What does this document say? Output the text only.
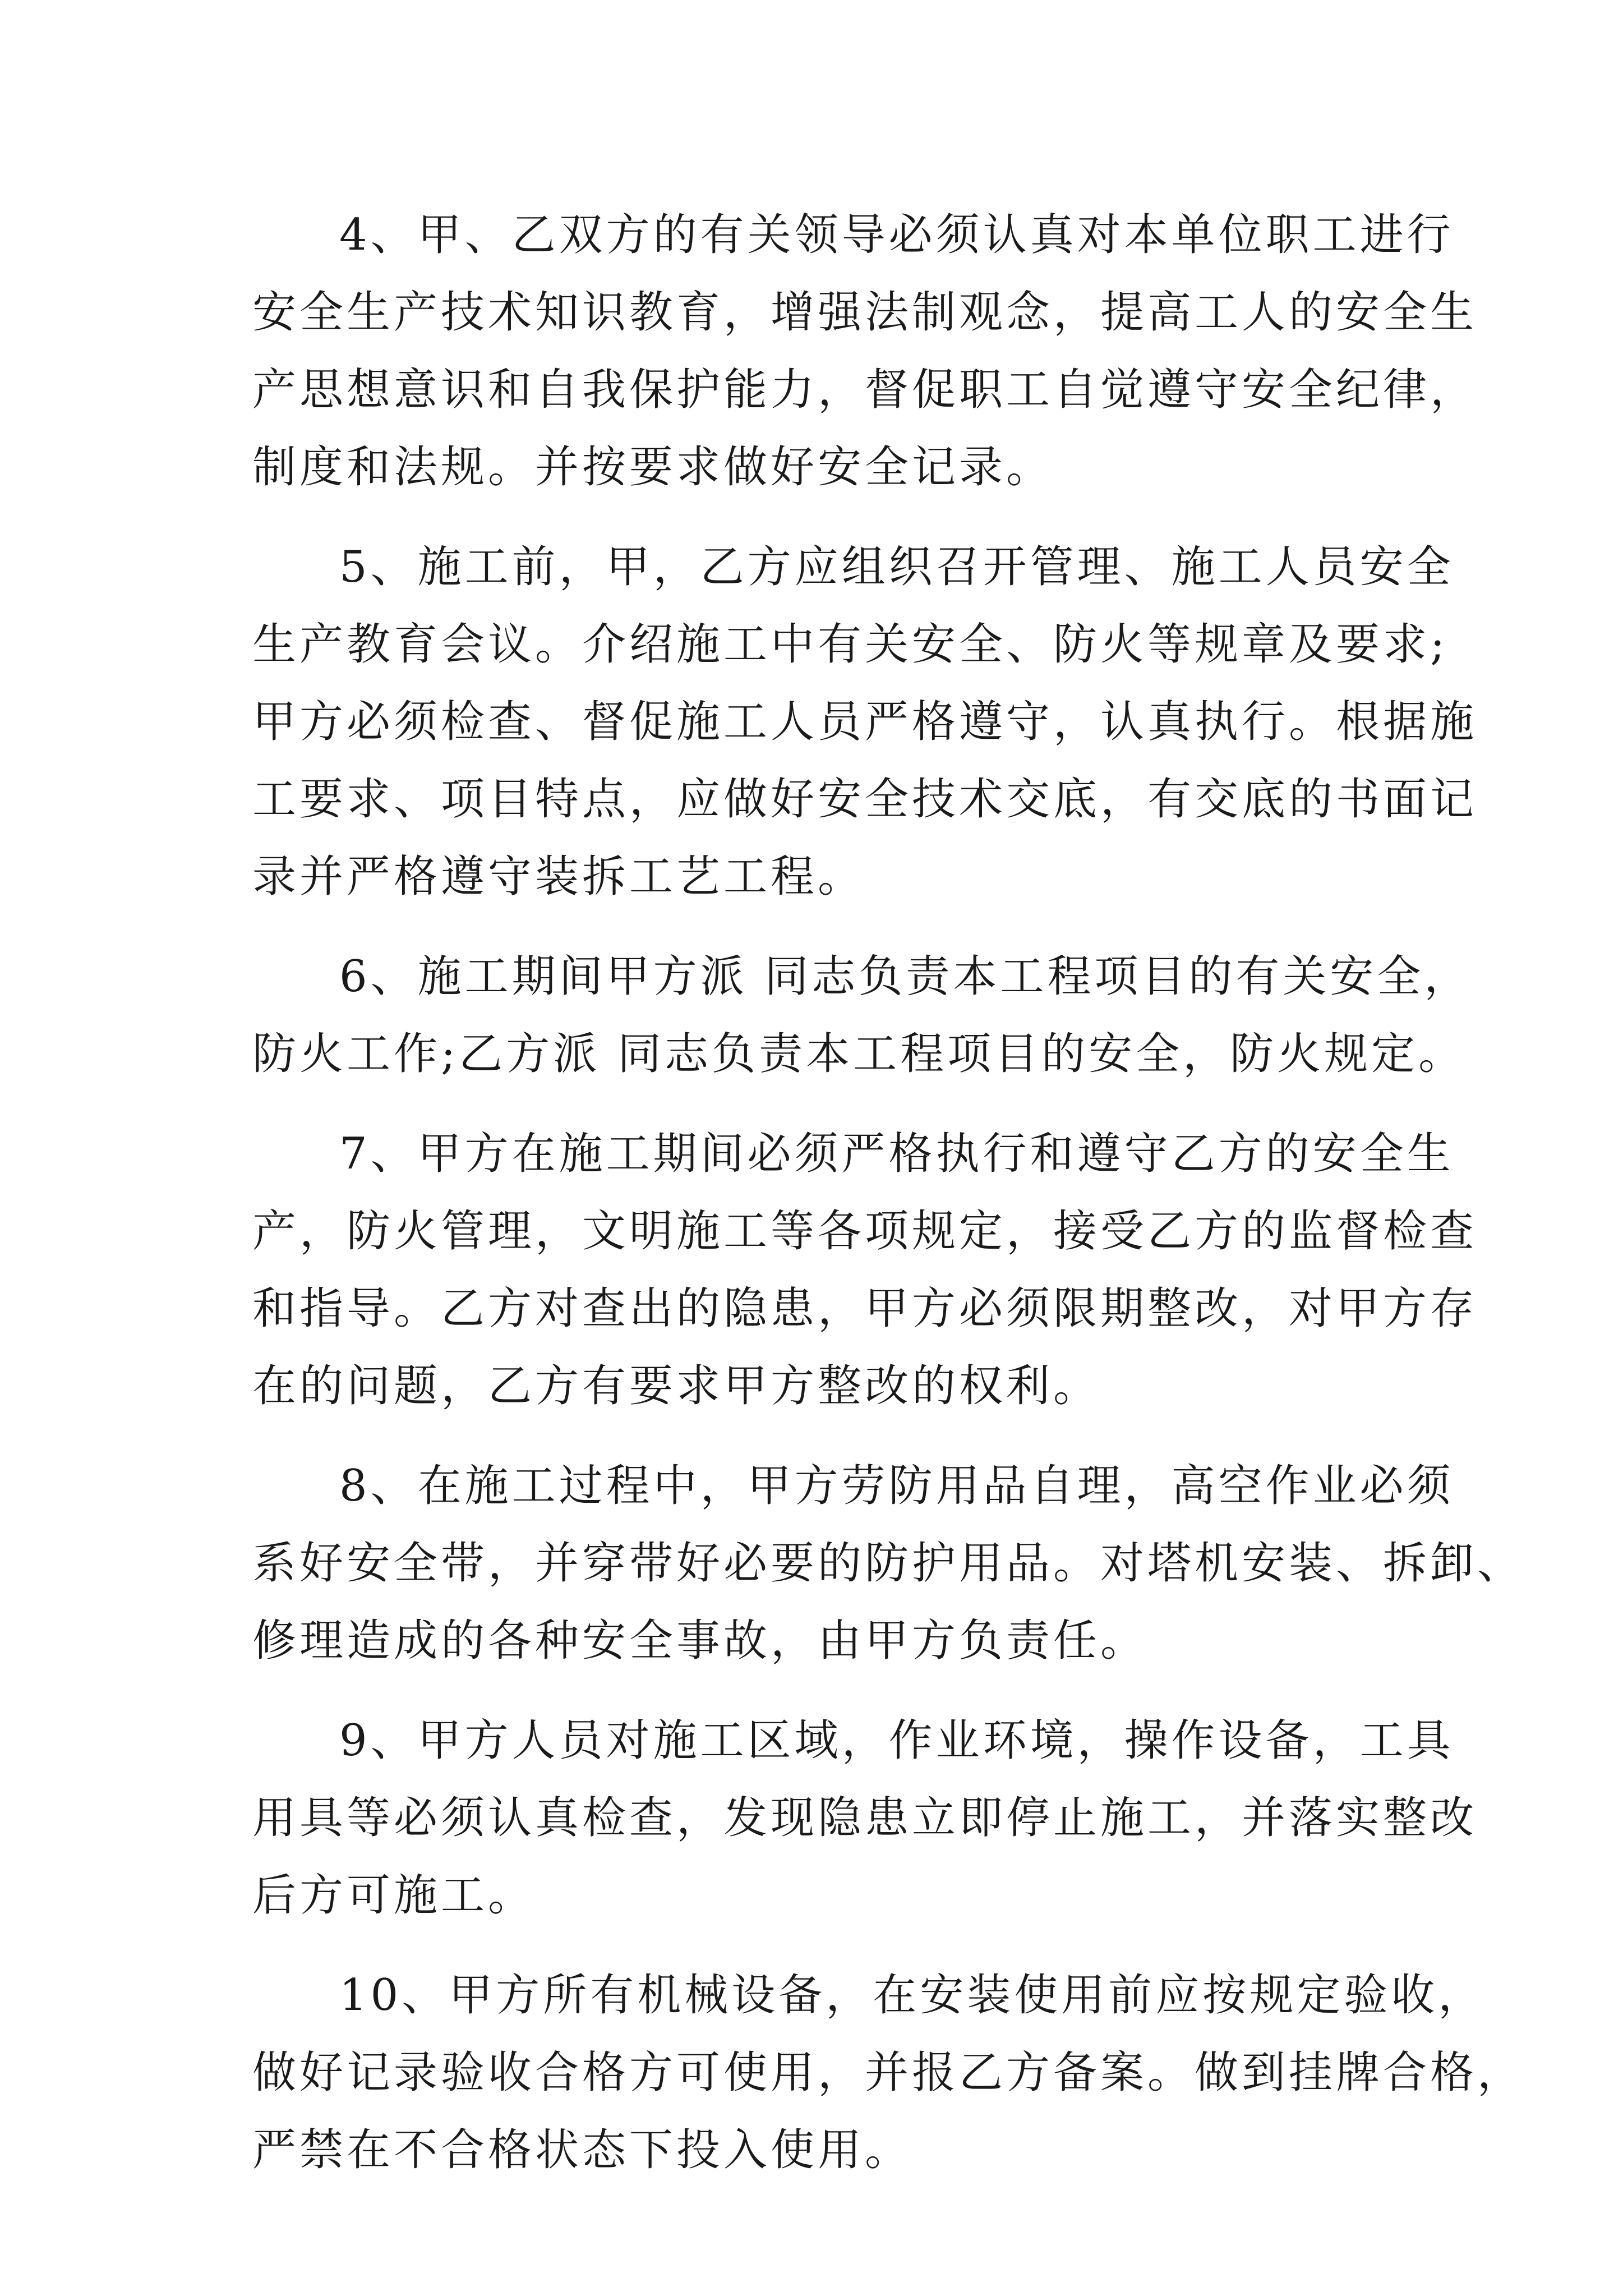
4、甲、乙双方的有关领导必须认真对本单位职工进行
安全生产技术知识教育，增强法制观念，提高工人的安全生
产思想意识和自我保护能力，督促职工自觉遵守安全纪律，
制度和法规。并按要求做好安全记录。

5、施工前，甲，乙方应组织召开管理、施工人员安全
生产教育会议。介绍施工中有关安全、防火等规章及要求;
甲方必须检查、督促施工人员严格遵守，认真执行。根据施
工要求、项目特点，应做好安全技术交底，有交底的书面记
录并严格遵守装拆工艺工程。

6、施工期间甲方派 同志负责本工程项目的有关安全，
防火工作;乙方派 同志负责本工程项目的安全，防火规定。

7、甲方在施工期间必须严格执行和遵守乙方的安全生
产，防火管理，文明施工等各项规定，接受乙方的监督检查
和指导。乙方对查出的隐患，甲方必须限期整改，对甲方存
在的问题，乙方有要求甲方整改的权利。

8、在施工过程中，甲方劳防用品自理，高空作业必须
系好安全带，并穿带好必要的防护用品。对塔机安装、拆卸、
修理造成的各种安全事故，由甲方负责任。

9、甲方人员对施工区域，作业环境，操作设备，工具
用具等必须认真检查，发现隐患立即停止施工，并落实整改
后方可施工。

10、甲方所有机械设备，在安装使用前应按规定验收，
做好记录验收合格方可使用，并报乙方备案。做到挂牌合格，
严禁在不合格状态下投入使用。
